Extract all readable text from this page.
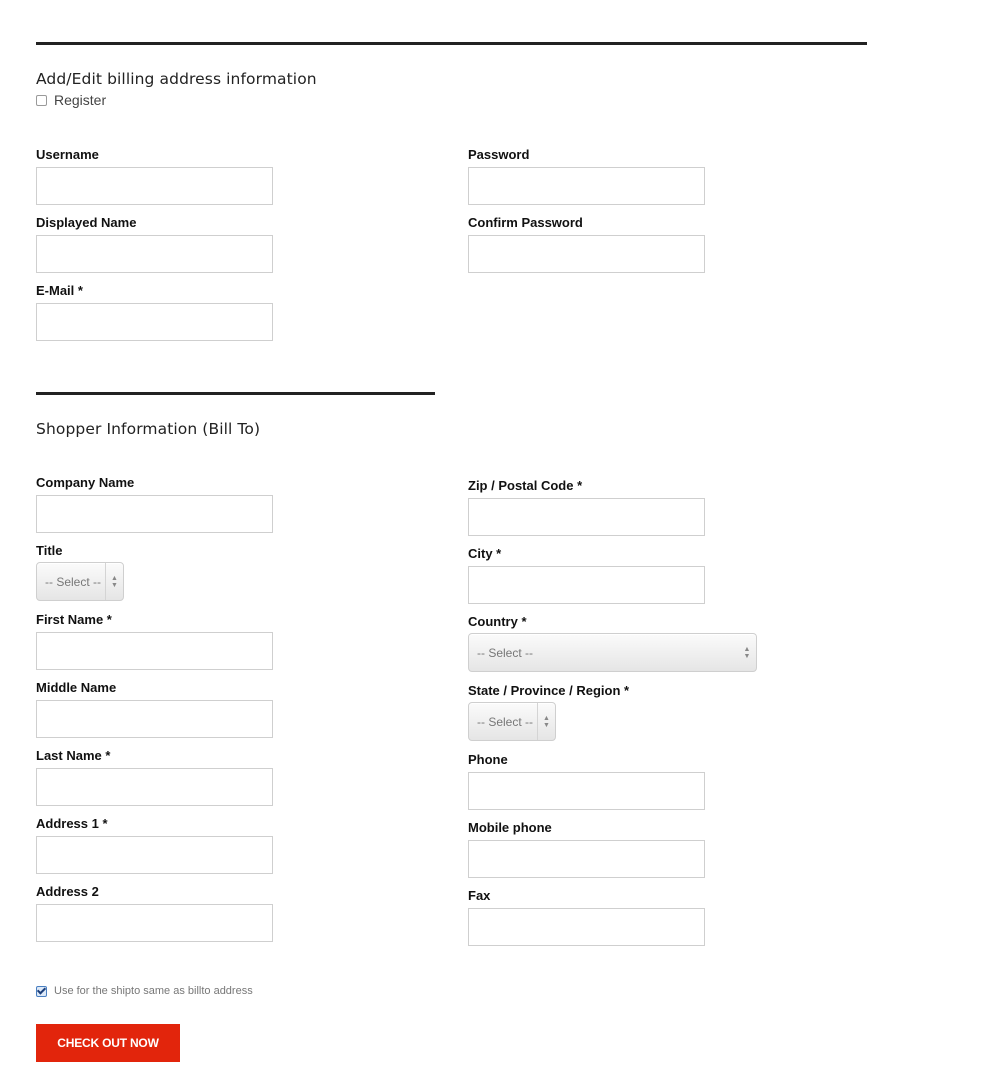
Add/Edit billing address information
Register
Username
Displayed Name
E-Mail *
Password
Confirm Password
Shopper Information (Bill To)
Company Name
Title
-- Select --	▲
▼
First Name *
Middle Name
Last Name *
Address 1 *
Address 2
Zip / Postal Code *
City *
Country *
-- Select --	▲
▼
State / Province / Region *
-- Select --	▲
▼
Phone
Mobile phone
Fax
Use for the shipto same as billto address
CHECK OUT NOW
